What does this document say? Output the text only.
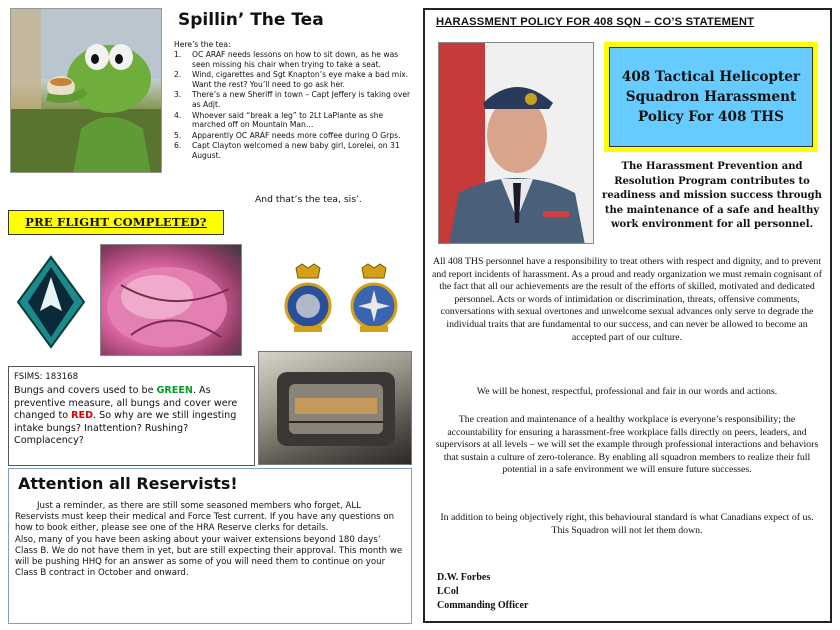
Spillin’ The Tea
Here’s the tea:
1. OC ARAF needs lessons on how to sit down, as he was seen missing his chair when trying to take a seat.
2. Wind, cigarettes and Sgt Knapton’s eye make a bad mix. Want the rest? You’ll need to go ask her.
3. There’s a new Sheriff in town – Capt Jeffery is taking over as Adjt.
4. Whoever said “break a leg” to 2Lt LaPlante as she marched off on Mountain Man…
5. Apparently OC ARAF needs more coffee during O Grps.
6. Capt Clayton welcomed a new baby girl, Lorelei, on 31 August.
And that’s the tea, sis’.
PRE FLIGHT COMPLETED?
FSIMS: 183168
Bungs and covers used to be GREEN. As preventive measure, all bungs and cover were changed to RED. So why are we still ingesting intake bungs? Inattention? Rushing? Complacency?
Attention all Reservists!

Just a reminder, as there are still some seasoned members who forget, ALL Reservists must keep their medical and Force Test current. If you have any questions on how to book either, please see one of the HRA Reserve clerks for details.

Also, many of you have been asking about your waiver extensions beyond 180 days’ Class B. We do not have them in yet, but are still expecting their approval. This month we will be pushing HHQ for an answer as some of you will need them to continue on your Class B contract in October and onward.

HARASSMENT POLICY FOR 408 SQN – CO’S STATEMENT
408 Tactical Helicopter Squadron Harassment Policy For 408 THS
The Harassment Prevention and Resolution Program contributes to readiness and mission success through the maintenance of a safe and healthy work environment for all personnel.

All 408 THS personnel have a responsibility to treat others with respect and dignity, and to prevent and report incidents of harassment. As a proud and ready organization we must remain cognisant of the fact that all our achievements are the result of the efforts of skilled, motivated and dedicated personnel. Acts or words of intimidation or discrimination, threats, offensive comments, conversations with sexual overtones and unwelcome sexual advances only serve to degrade the individual traits that are fundamental to our success, and can never be allowed to become an accepted part of our culture.

We will be honest, respectful, professional and fair in our words and actions.

The creation and maintenance of a healthy workplace is everyone’s responsibility; the accountability for ensuring a harassment-free workplace falls directly on peers, leaders, and supervisors at all levels – we will set the example through professional interactions and behaviors that sustain a culture of zero-tolerance. By enabling all squadron members to realize their full potential in a safe environment we will ensure future successes.

In addition to being objectively right, this behavioural standard is what Canadians expect of us. This Squadron will not let them down.

D.W. Forbes
LCol
Commanding Officer
